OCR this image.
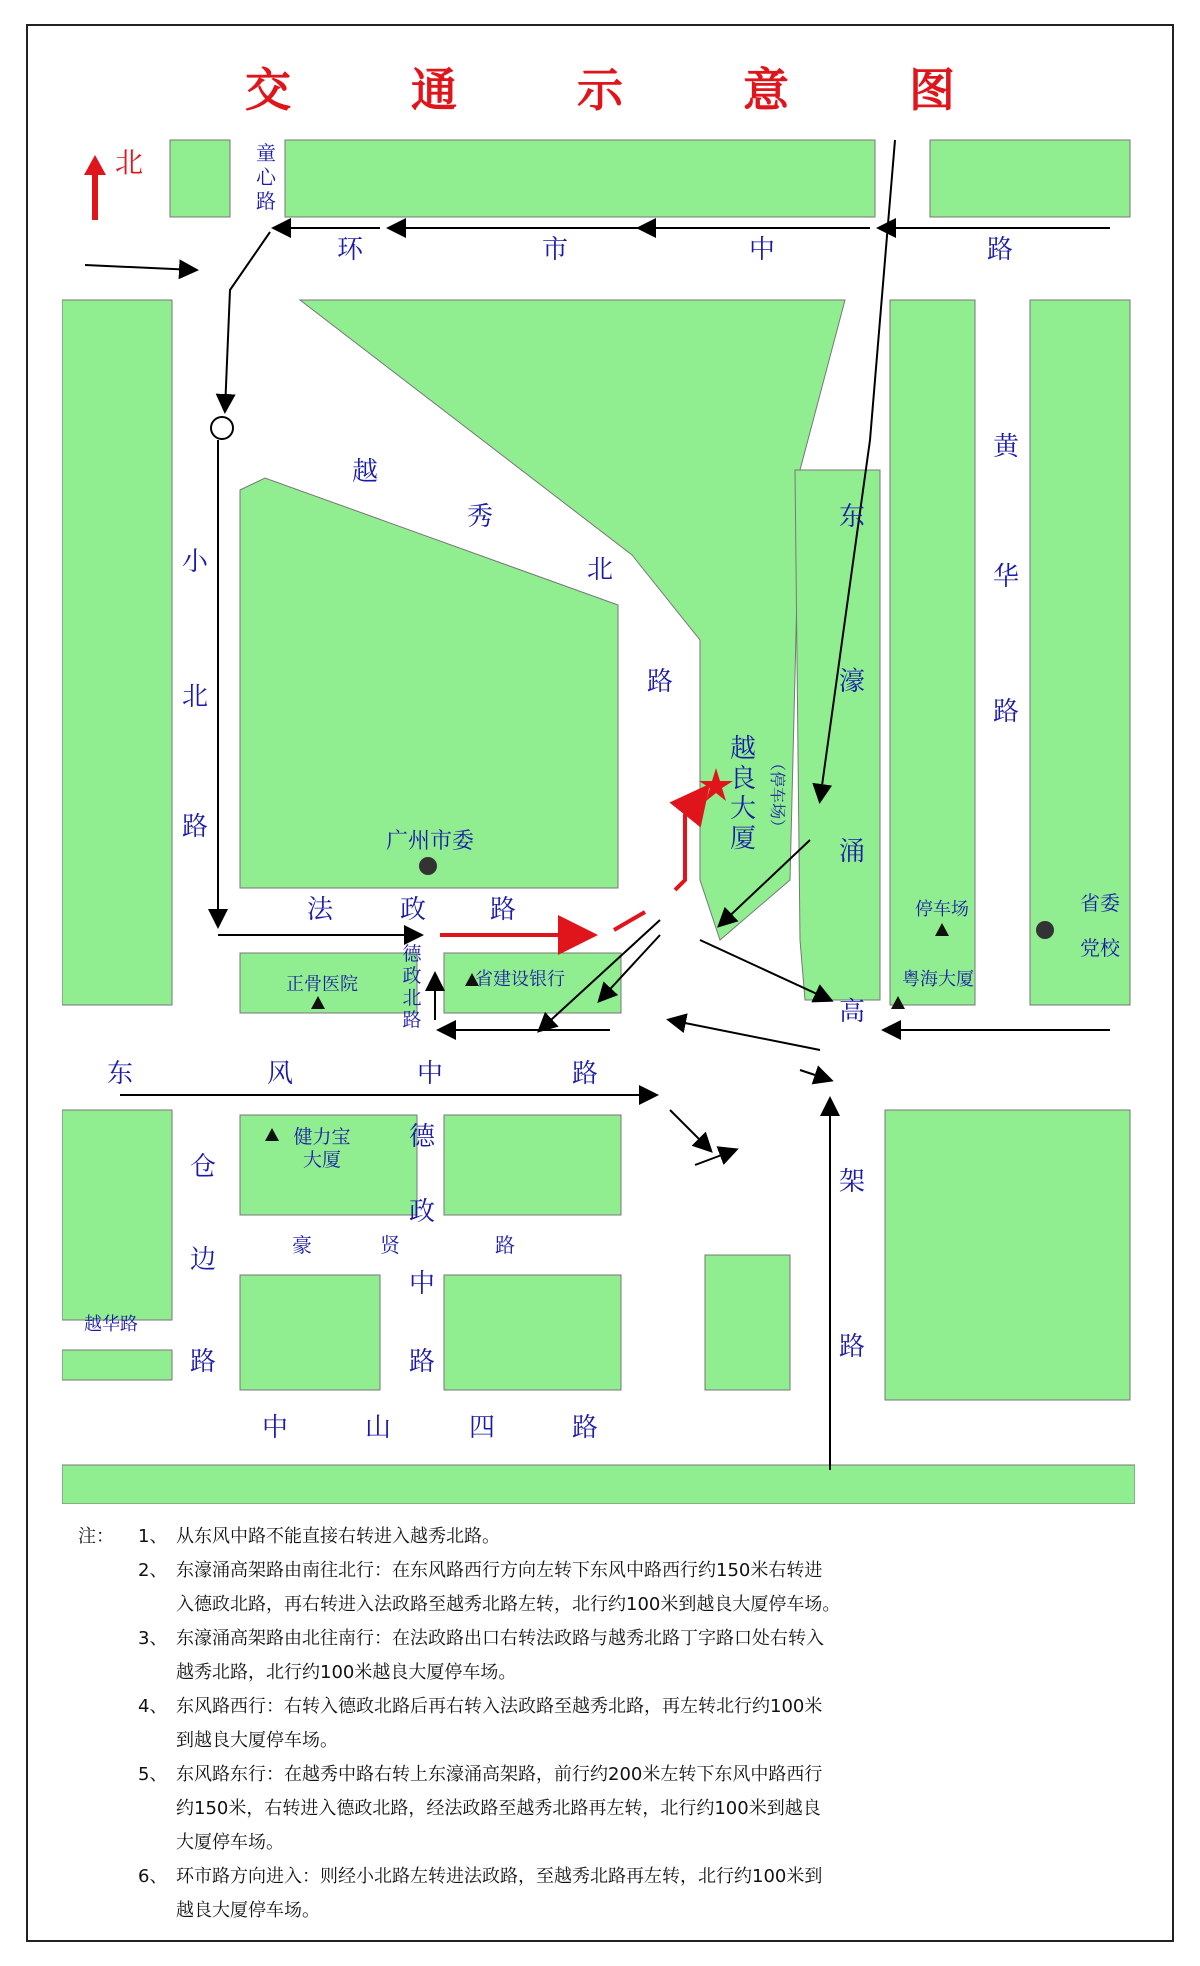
交 通 示 意 图
北	童
心
路
环	市	中	路
越
秀
北
路
小
北
路
东
濠
涌
高
架
路
黄
华
路
法	政 路
德
政
北
路
东	风	中	路
德
政
中
路
仓
边
路
豪	贤	路
越华路
中	山	四	路
广州市委
正骨医院	省建设银行
停车场
粤海大厦
省委
党校
健力宝
大厦
越
良
大
厦
（停车场）
注： 1、 从东风中路不能直接右转进入越秀北路。
2、 东濠涌高架路由南往北行：在东风路西行方向左转下东风中路西行约150米右转进
入德政北路，再右转进入法政路至越秀北路左转，北行约100米到越良大厦停车场。
3、 东濠涌高架路由北往南行：在法政路出口右转法政路与越秀北路丁字路口处右转入
越秀北路，北行约100米越良大厦停车场。
4、 东风路西行：右转入德政北路后再右转入法政路至越秀北路，再左转北行约100米
到越良大厦停车场。
5、 东风路东行：在越秀中路右转上东濠涌高架路，前行约200米左转下东风中路西行
约150米，右转进入德政北路，经法政路至越秀北路再左转，北行约100米到越良
大厦停车场。
6、 环市路方向进入：则经小北路左转进法政路，至越秀北路再左转，北行约100米到
越良大厦停车场。
